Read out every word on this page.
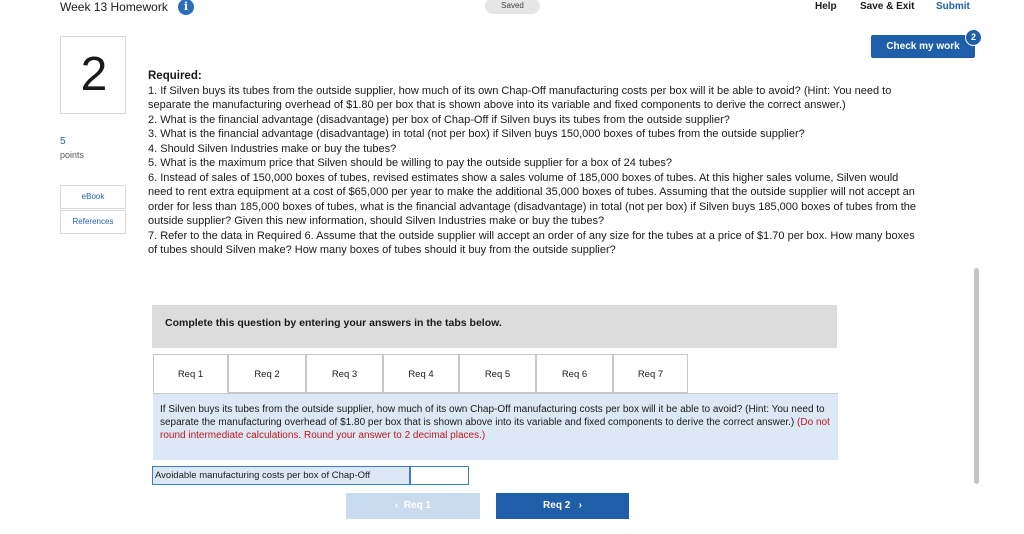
Week 13 Homework	i	Saved	Help Save & Exit Submit
Check my work
2
2
5
points
eBook
References
Required:
1. If Silven buys its tubes from the outside supplier, how much of its own Chap-Off manufacturing costs per box will it be able to avoid? (Hint: You need to separate the manufacturing overhead of $1.80 per box that is shown above into its variable and fixed components to derive the correct answer.)
2. What is the financial advantage (disadvantage) per box of Chap-Off if Silven buys its tubes from the outside supplier?
3. What is the financial advantage (disadvantage) in total (not per box) if Silven buys 150,000 boxes of tubes from the outside supplier?
4. Should Silven Industries make or buy the tubes?
5. What is the maximum price that Silven should be willing to pay the outside supplier for a box of 24 tubes?
6. Instead of sales of 150,000 boxes of tubes, revised estimates show a sales volume of 185,000 boxes of tubes. At this higher sales volume, Silven would need to rent extra equipment at a cost of $65,000 per year to make the additional 35,000 boxes of tubes. Assuming that the outside supplier will not accept an order for less than 185,000 boxes of tubes, what is the financial advantage (disadvantage) in total (not per box) if Silven buys 185,000 boxes of tubes from the outside supplier? Given this new information, should Silven Industries make or buy the tubes?
7. Refer to the data in Required 6. Assume that the outside supplier will accept an order of any size for the tubes at a price of $1.70 per box. How many boxes of tubes should Silven make? How many boxes of tubes should it buy from the outside supplier?
Complete this question by entering your answers in the tabs below.
Req 1	Req 2	Req 3	Req 4	Req 5	Req 6	Req 7
If Silven buys its tubes from the outside supplier, how much of its own Chap-Off manufacturing costs per box will it be able to avoid? (Hint: You need to separate the manufacturing overhead of $1.80 per box that is shown above into its variable and fixed components to derive the correct answer.) (Do not round intermediate calculations. Round your answer to 2 decimal places.)
Avoidable manufacturing costs per box of Chap-Off
‹ Req 1	Req 2 ›
